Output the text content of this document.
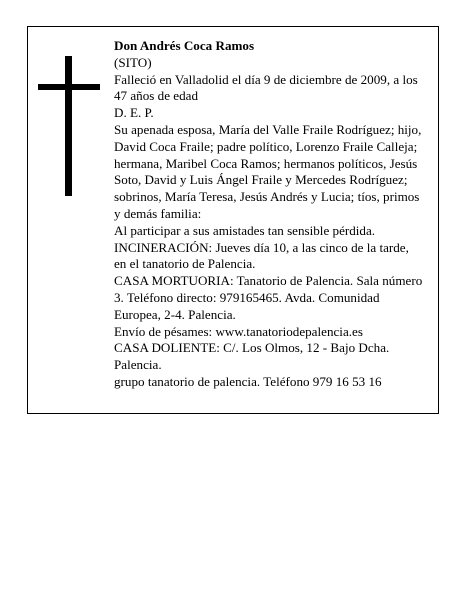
Don Andrés Coca Ramos

(SITO)

Falleció en Valladolid el día 9 de diciembre de 2009, a los 47 años de edad

D. E. P.

Su apenada esposa, María del Valle Fraile Rodríguez; hijo, David Coca Fraile; padre político, Lorenzo Fraile Calleja; hermana, Maribel Coca Ramos; hermanos políticos, Jesús Soto, David y Luis Ángel Fraile y Mercedes Rodríguez; sobrinos, María Teresa, Jesús Andrés y Lucia; tíos, primos y demás familia:

Al participar a sus amistades tan sensible pérdida.

INCINERACIÓN: Jueves día 10, a las cinco de la tarde, en el tanatorio de Palencia.

CASA MORTUORIA: Tanatorio de Palencia. Sala número 3. Teléfono directo: 979165465. Avda. Comunidad Europea, 2-4. Palencia.

Envío de pésames: www.tanatoriodepalencia.es

CASA DOLIENTE: C/. Los Olmos, 12 - Bajo Dcha. Palencia.

grupo tanatorio de palencia. Teléfono 979 16 53 16
